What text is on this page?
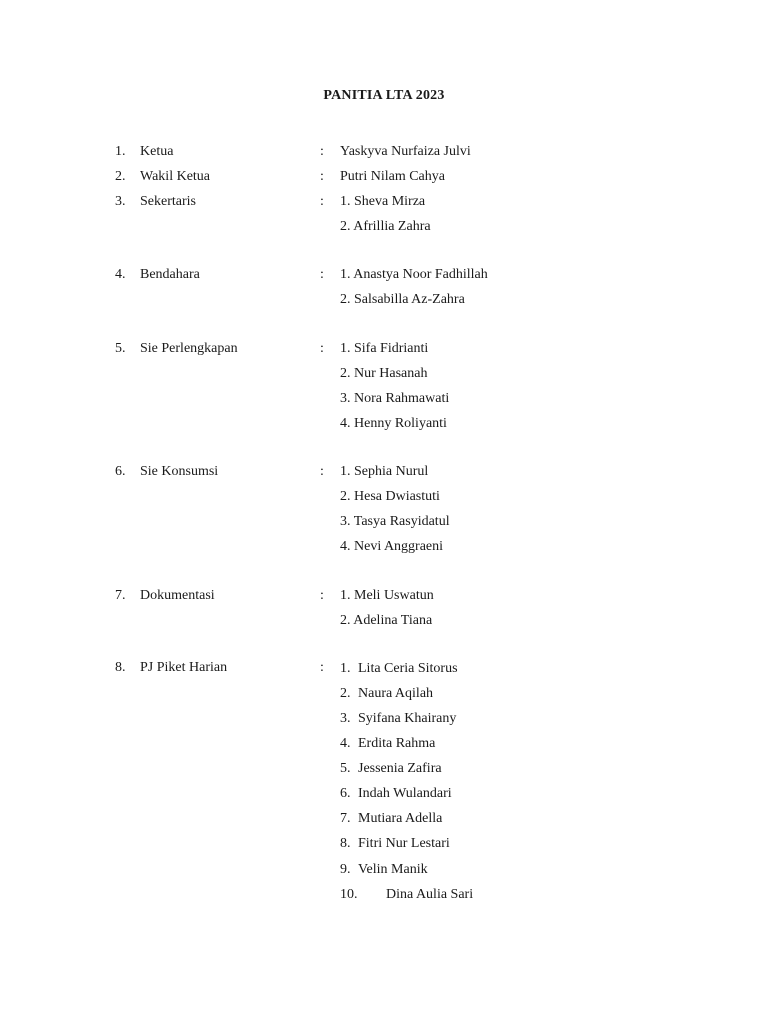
PANITIA LTA 2023
1. Ketua	: Yaskyva Nurfaiza Julvi
2. Wakil Ketua	: Putri Nilam Cahya
3. Sekertaris	: 1. Sheva Mirza
2. Afrillia Zahra
4. Bendahara	: 1. Anastya Noor Fadhillah
2. Salsabilla Az-Zahra
5. Sie Perlengkapan	: 1. Sifa Fidrianti
2. Nur Hasanah
3. Nora Rahmawati
4. Henny Roliyanti
6. Sie Konsumsi	: 1. Sephia Nurul
2. Hesa Dwiastuti
3. Tasya Rasyidatul
4. Nevi Anggraeni
7. Dokumentasi	: 1. Meli Uswatun
2. Adelina Tiana
8. PJ Piket Harian	: 1. Lita Ceria Sitorus
2. Naura Aqilah
3. Syifana Khairany
4. Erdita Rahma
5. Jessenia Zafira
6. Indah Wulandari
7. Mutiara Adella
8. Fitri Nur Lestari
9. Velin Manik
10. Dina Aulia Sari
